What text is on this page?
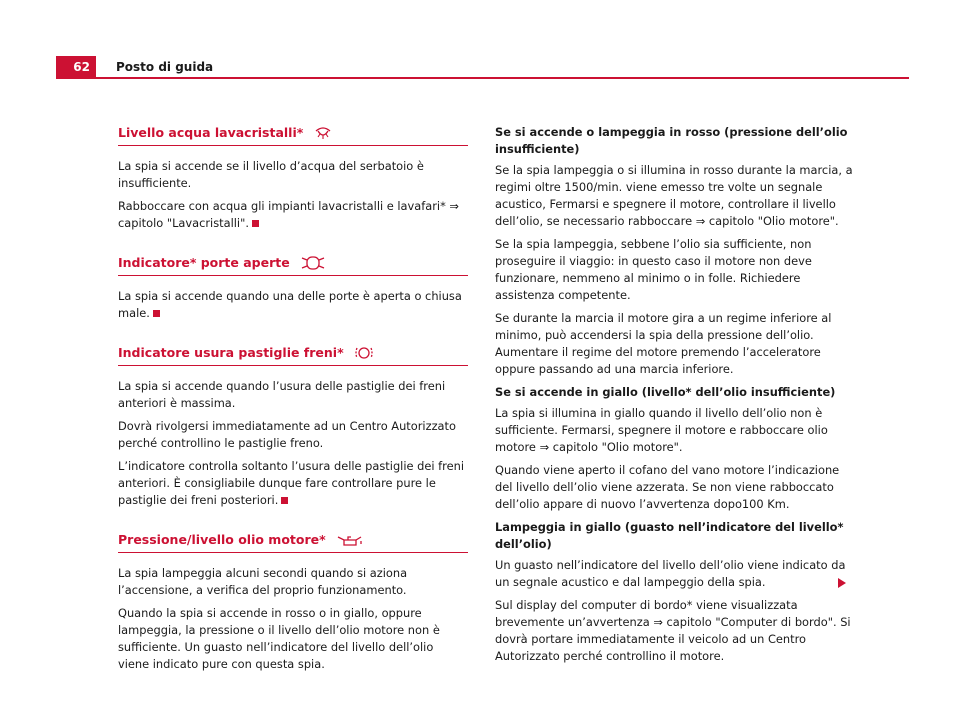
62	Posto di guida
Livello acqua lavacristalli*

La spia si accende se il livello d’acqua del serbatoio è insufficiente.

Rabboccare con acqua gli impianti lavacristalli e lavafari* ⇒ capitolo "Lavacristalli".

Indicatore* porte aperte

La spia si accende quando una delle porte è aperta o chiusa male.

Indicatore usura pastiglie freni*

La spia si accende quando l’usura delle pastiglie dei freni anteriori è massima.

Dovrà rivolgersi immediatamente ad un Centro Autorizzato perché controllino le pastiglie freno.

L’indicatore controlla soltanto l’usura delle pastiglie dei freni anteriori. È consigliabile dunque fare controllare pure le pastiglie dei freni posteriori.

Pressione/livello olio motore*

La spia lampeggia alcuni secondi quando si aziona l’accensione, a verifica del proprio funzionamento.

Quando la spia si accende in rosso o in giallo, oppure lampeggia, la pressione o il livello dell’olio motore non è sufficiente. Un guasto nell’indicatore del livello dell’olio viene indicato pure con questa spia.

Se si accende o lampeggia in rosso (pressione dell’olio insufficiente)

Se la spia lampeggia o si illumina in rosso durante la marcia, a regimi oltre 1500/min. viene emesso tre volte un segnale acustico, Fermarsi e spegnere il motore, controllare il livello dell’olio, se necessario rabboccare ⇒ capitolo "Olio motore".

Se la spia lampeggia, sebbene l’olio sia sufficiente, non proseguire il viaggio: in questo caso il motore non deve funzionare, nemmeno al minimo o in folle. Richiedere assistenza competente.

Se durante la marcia il motore gira a un regime inferiore al minimo, può accendersi la spia della pressione dell’olio. Aumentare il regime del motore premendo l’acceleratore oppure passando ad una marcia inferiore.

Se si accende in giallo (livello* dell’olio insufficiente)

La spia si illumina in giallo quando il livello dell’olio non è sufficiente. Fermarsi, spegnere il motore e rabboccare olio motore ⇒ capitolo "Olio motore".

Quando viene aperto il cofano del vano motore l’indicazione del livello dell’olio viene azzerata. Se non viene rabboccato dell’olio appare di nuovo l’avvertenza dopo100 Km.

Lampeggia in giallo (guasto nell’indicatore del livello* dell’olio)

Un guasto nell’indicatore del livello dell’olio viene indicato da un segnale acustico e dal lampeggio della spia.

Sul display del computer di bordo* viene visualizzata brevemente un’avvertenza ⇒ capitolo "Computer di bordo". Si dovrà portare immediatamente il veicolo ad un Centro Autorizzato perché controllino il motore.
